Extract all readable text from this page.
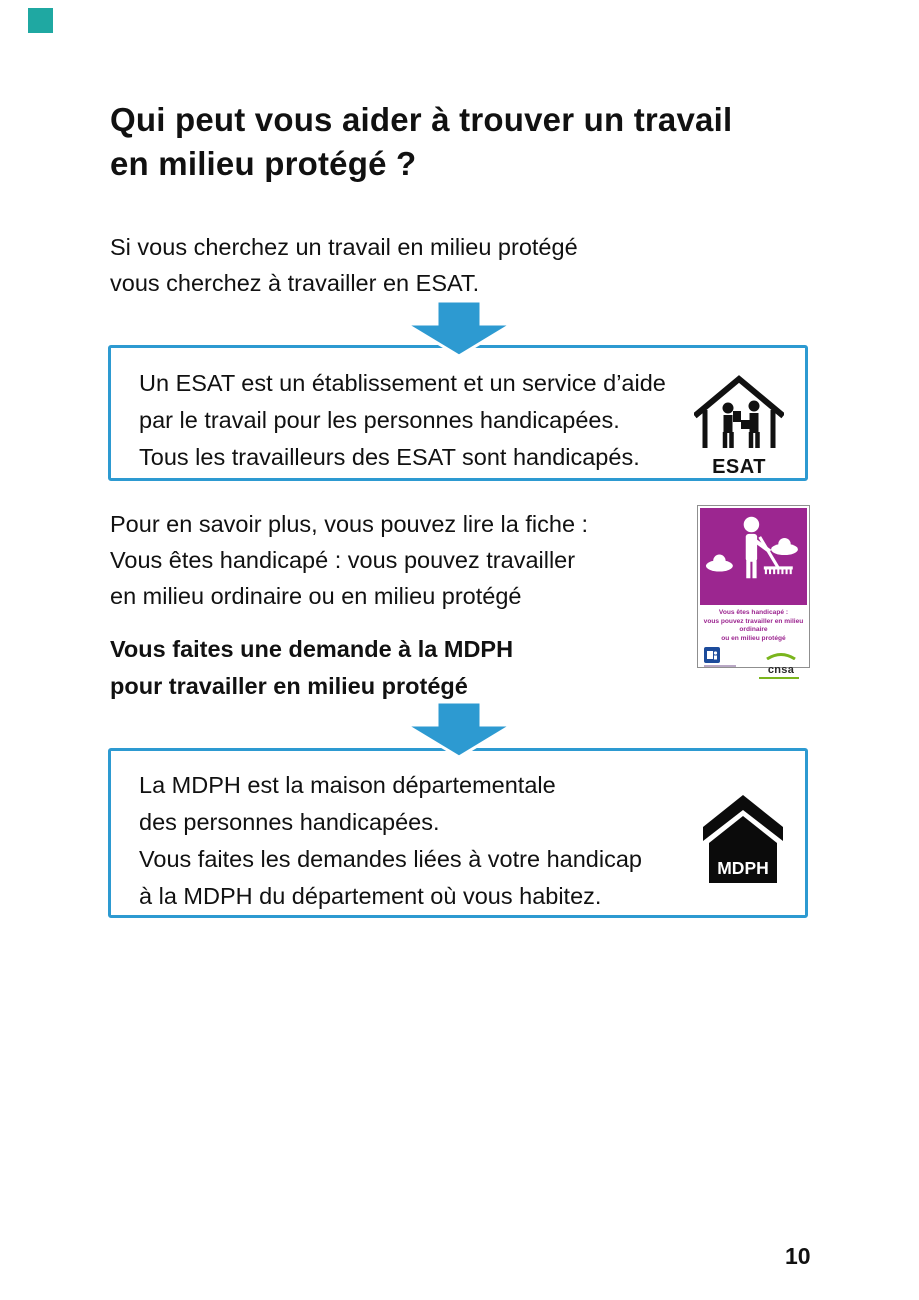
Qui peut vous aider à trouver un travail
en milieu protégé ?
Si vous cherchez un travail en milieu protégé
vous cherchez à travailler en ESAT.
Un ESAT est un établissement et un service d’aide
par le travail pour les personnes handicapées.
Tous les travailleurs des ESAT sont handicapés.	ESAT
Pour en savoir plus, vous pouvez lire la fiche :
Vous êtes handicapé : vous pouvez travailler
en milieu ordinaire ou en milieu protégé
Vous êtes handicapé :
vous pouvez travailler en milieu ordinaire
ou en milieu protégé
cnsa
Vous faites une demande à la MDPH
pour travailler en milieu protégé
La MDPH est la maison départementale
des personnes handicapées.
Vous faites les demandes liées à votre handicap
à la MDPH du département où vous habitez.
MDPH
10
